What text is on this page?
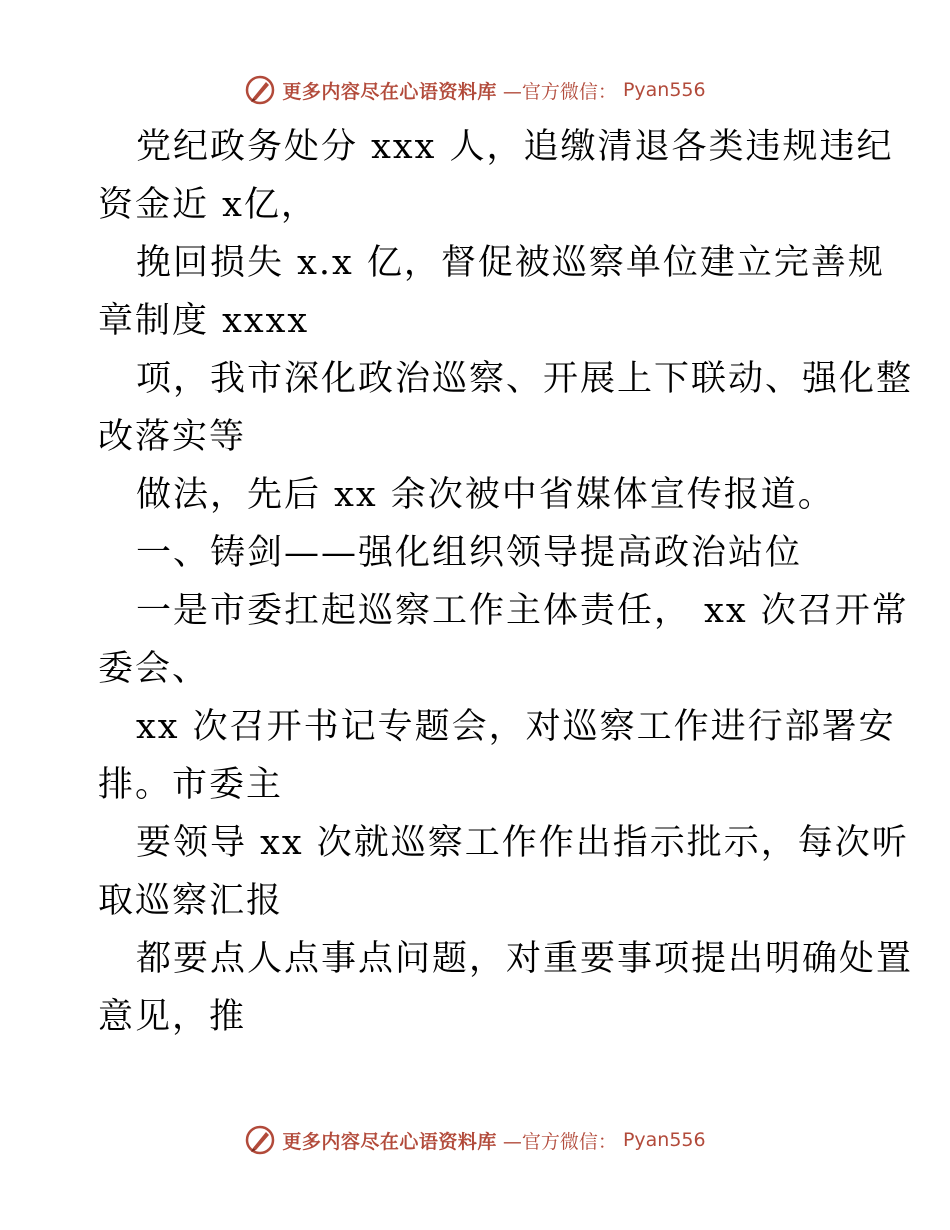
更多内容尽在心语资料库 —官方微信： Pyan556

党纪政务处分 xxx 人，追缴清退各类违规违纪

资金近 x亿，

挽回损失 x.x 亿，督促被巡察单位建立完善规

章制度 xxxx

项，我市深化政治巡察、开展上下联动、强化整

改落实等

做法，先后 xx 余次被中省媒体宣传报道。

一、铸剑——强化组织领导提高政治站位

一是市委扛起巡察工作主体责任， xx 次召开常

委会、

xx 次召开书记专题会，对巡察工作进行部署安

排。市委主

要领导 xx 次就巡察工作作出指示批示，每次听

取巡察汇报

都要点人点事点问题，对重要事项提出明确处置

意见，推

更多内容尽在心语资料库 —官方微信： Pyan556
